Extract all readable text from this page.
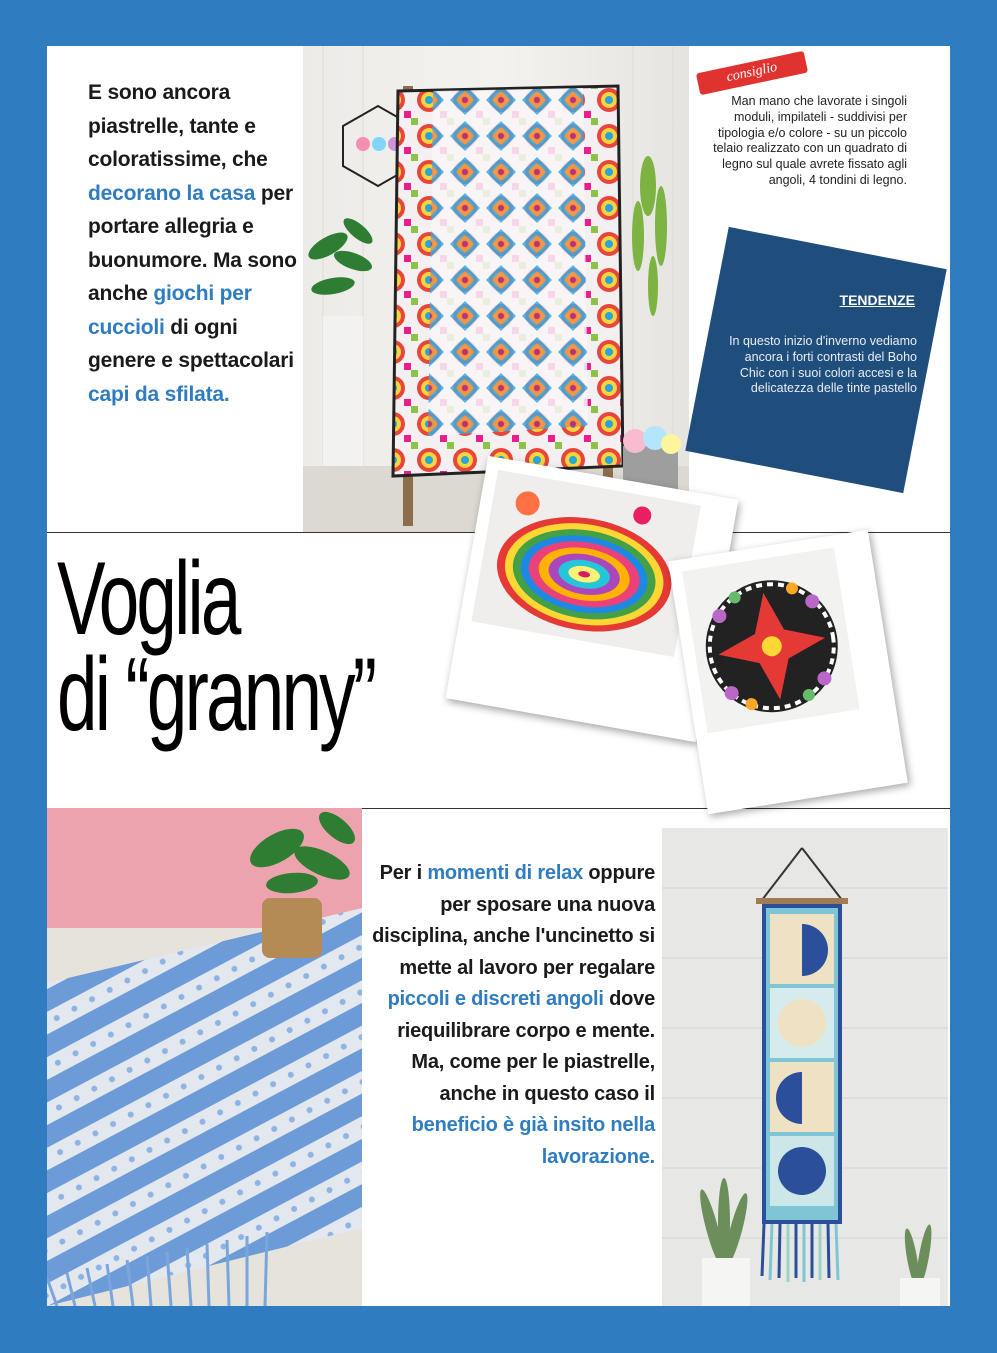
E sono ancora piastrelle, tante e coloratissime, che decorano la casa per portare allegria e buonumore. Ma sono anche giochi per cuccioli di ogni genere e spettacolari capi da sfilata.
consiglio
Man mano che lavorate i singoli moduli, impilateli - suddivisi per tipologia e/o colore - su un piccolo telaio realizzato con un quadrato di legno sul quale avrete fissato agli angoli, 4 tondini di legno.
TENDENZE
In questo inizio d'inverno vediamo ancora i forti contrasti del Boho Chic con i suoi colori accesi e la delicatezza delle tinte pastello
Voglia
di “granny”
Per i momenti di relax oppure per sposare una nuova disciplina, anche l'uncinetto si mette al lavoro per regalare piccoli e discreti angoli dove riequilibrare corpo e mente. Ma, come per le piastrelle, anche in questo caso il beneficio è già insito nella lavorazione.
